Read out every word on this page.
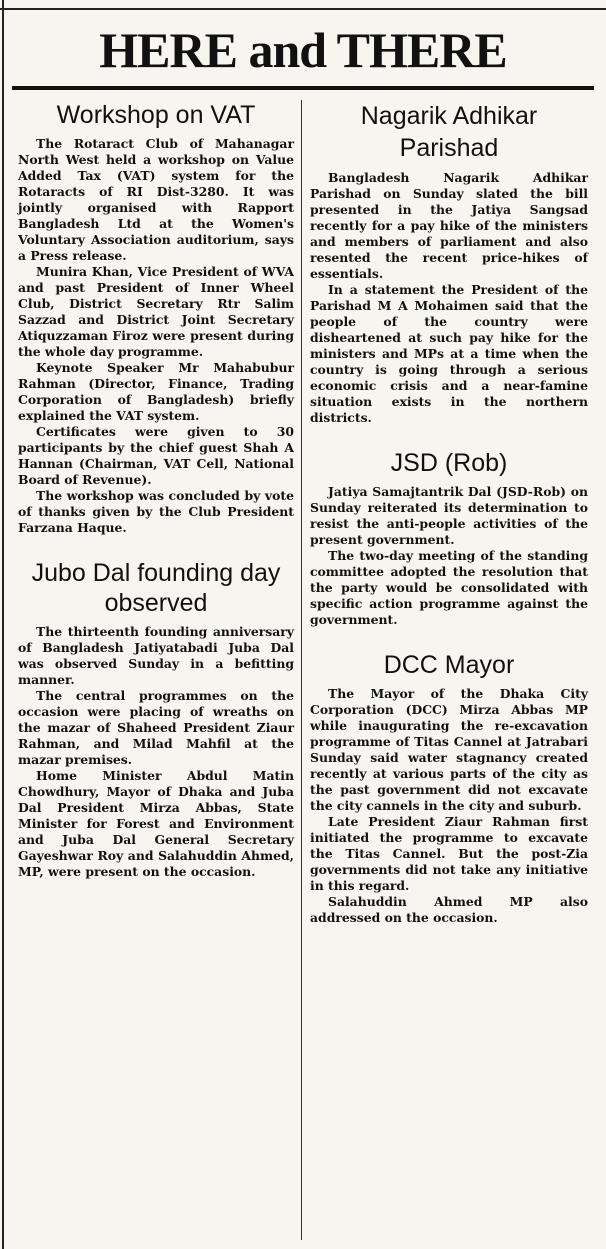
HERE and THERE
Workshop on VAT

The Rotaract Club of Mahanagar North West held a workshop on Value Added Tax (VAT) system for the Rotaracts of RI Dist-3280. It was jointly organised with Rapport Bangladesh Ltd at the Women's Voluntary Association auditorium, says a Press release.

Munira Khan, Vice President of WVA and past President of Inner Wheel Club, District Secretary Rtr Salim Sazzad and District Joint Secretary Atiquzzaman Firoz were present during the whole day programme.

Keynote Speaker Mr Mahabubur Rahman (Director, Finance, Trading Corporation of Bangladesh) briefly explained the VAT system.

Certificates were given to 30 participants by the chief guest Shah A Hannan (Chairman, VAT Cell, National Board of Revenue).

The workshop was concluded by vote of thanks given by the Club President Farzana Haque.

Jubo Dal founding day observed

The thirteenth founding anniversary of Bangladesh Jatiyatabadi Juba Dal was observed Sunday in a befitting manner.

The central programmes on the occasion were placing of wreaths on the mazar of Shaheed President Ziaur Rahman, and Milad Mahfil at the mazar premises.

Home Minister Abdul Matin Chowdhury, Mayor of Dhaka and Juba Dal President Mirza Abbas, State Minister for Forest and Environment and Juba Dal General Secretary Gayeshwar Roy and Salahuddin Ahmed, MP, were present on the occasion.

Nagarik Adhikar Parishad

Bangladesh Nagarik Adhikar Parishad on Sunday slated the bill presented in the Jatiya Sangsad recently for a pay hike of the ministers and members of parliament and also resented the recent price-hikes of essentials.

In a statement the President of the Parishad M A Mohaimen said that the people of the country were disheartened at such pay hike for the ministers and MPs at a time when the country is going through a serious economic crisis and a near-famine situation exists in the northern districts.

JSD (Rob)

Jatiya Samajtantrik Dal (JSD-Rob) on Sunday reiterated its determination to resist the anti-people activities of the present government.

The two-day meeting of the standing committee adopted the resolution that the party would be consolidated with specific action programme against the government.

DCC Mayor

The Mayor of the Dhaka City Corporation (DCC) Mirza Abbas MP while inaugurating the re-excavation programme of Titas Cannel at Jatrabari Sunday said water stagnancy created recently at various parts of the city as the past government did not excavate the city cannels in the city and suburb.

Late President Ziaur Rahman first initiated the programme to excavate the Titas Cannel. But the post-Zia governments did not take any initiative in this regard.

Salahuddin Ahmed MP also addressed on the occasion.
